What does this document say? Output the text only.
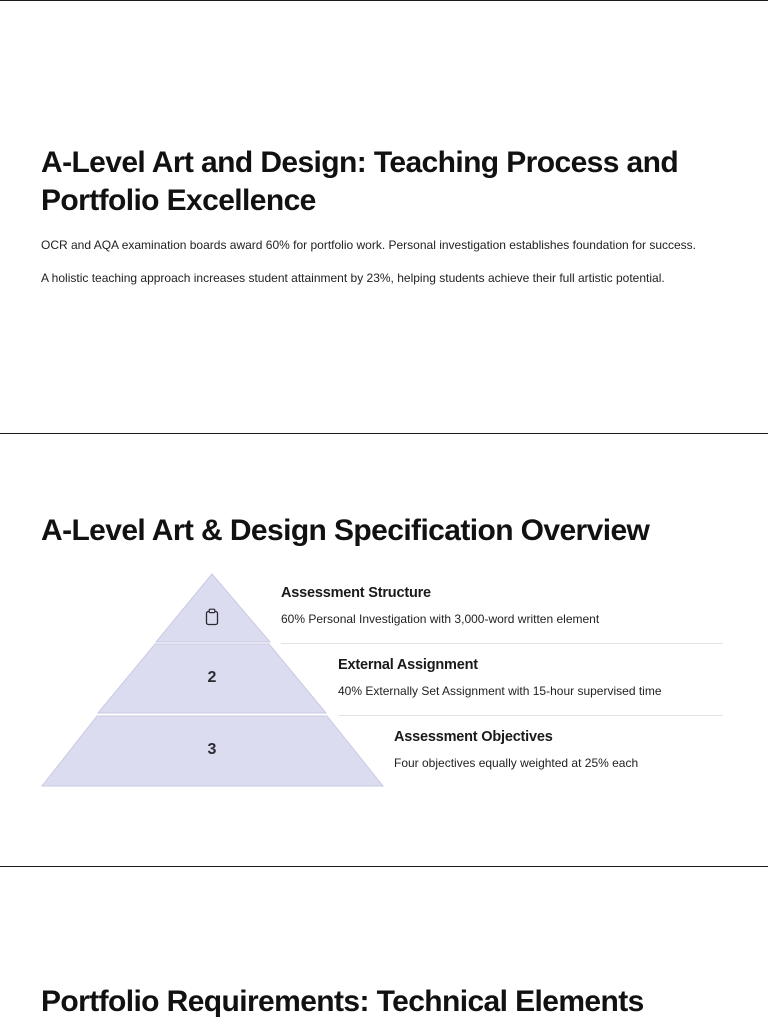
A-Level Art and Design: Teaching Process and Portfolio Excellence

OCR and AQA examination boards award 60% for portfolio work. Personal investigation establishes foundation for success.

A holistic teaching approach increases student attainment by 23%, helping students achieve their full artistic potential.

A-Level Art & Design Specification Overview
2
3

Assessment Structure

60% Personal Investigation with 3,000-word written element

External Assignment

40% Externally Set Assignment with 15-hour supervised time

Assessment Objectives

Four objectives equally weighted at 25% each

Portfolio Requirements: Technical Elements
